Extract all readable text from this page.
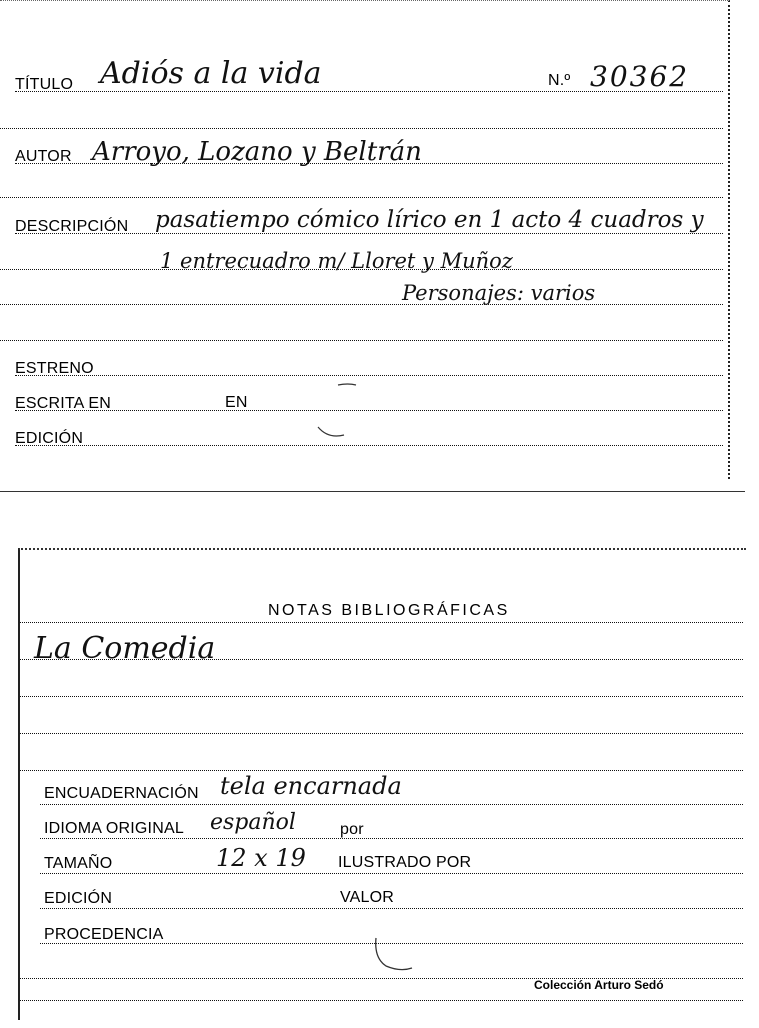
TÍTULO Adiós a la vida	N.º 30362
AUTOR Arroyo, Lozano y Beltrán
DESCRIPCIÓN pasatiempo cómico lírico en 1 acto 4 cuadros y
1 entrecuadro m/ Lloret y Muñoz
Personajes: varios
ESTRENO
ESCRITA EN	EN
EDICIÓN
NOTAS BIBLIOGRÁFICAS
La Comedia
ENCUADERNACIÓN tela encarnada
IDIOMA ORIGINAL español	por
TAMAÑO	12 x 19 ILUSTRADO POR
EDICIÓN	VALOR
PROCEDENCIA
Colección Arturo Sedó
